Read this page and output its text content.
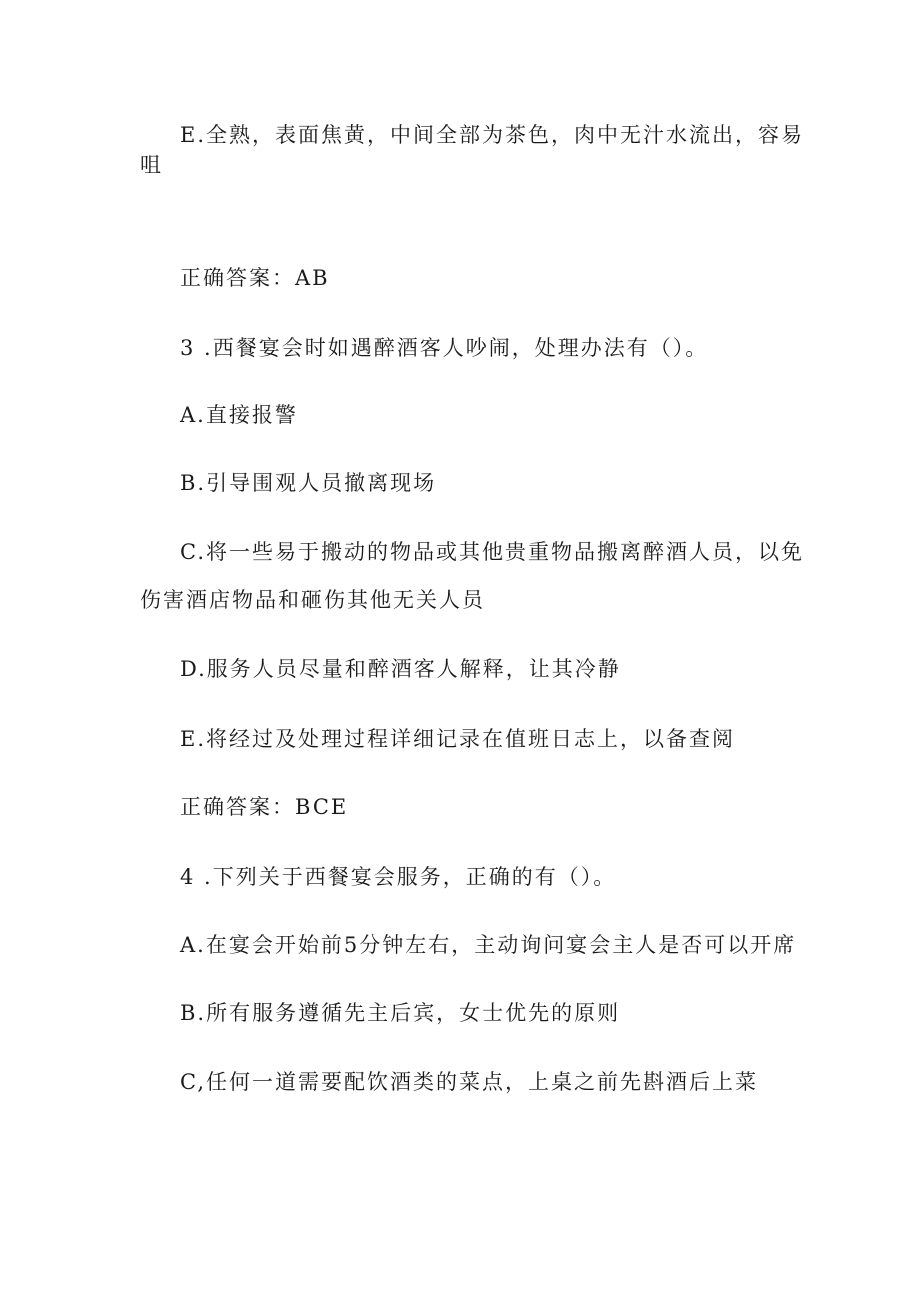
E.全熟，表面焦黄，中间全部为茶色，肉中无汁水流出，容易
咀
正确答案：AB
3 .西餐宴会时如遇醉酒客人吵闹，处理办法有（）。
A.直接报警
B.引导围观人员撤离现场
C.将一些易于搬动的物品或其他贵重物品搬离醉酒人员，以免
伤害酒店物品和砸伤其他无关人员
D.服务人员尽量和醉酒客人解释，让其冷静
E.将经过及处理过程详细记录在值班日志上，以备查阅
正确答案：BCE
4 .下列关于西餐宴会服务，正确的有（）。
A.在宴会开始前5分钟左右，主动询问宴会主人是否可以开席
B.所有服务遵循先主后宾，女士优先的原则
C,任何一道需要配饮酒类的菜点，上桌之前先斟酒后上菜
